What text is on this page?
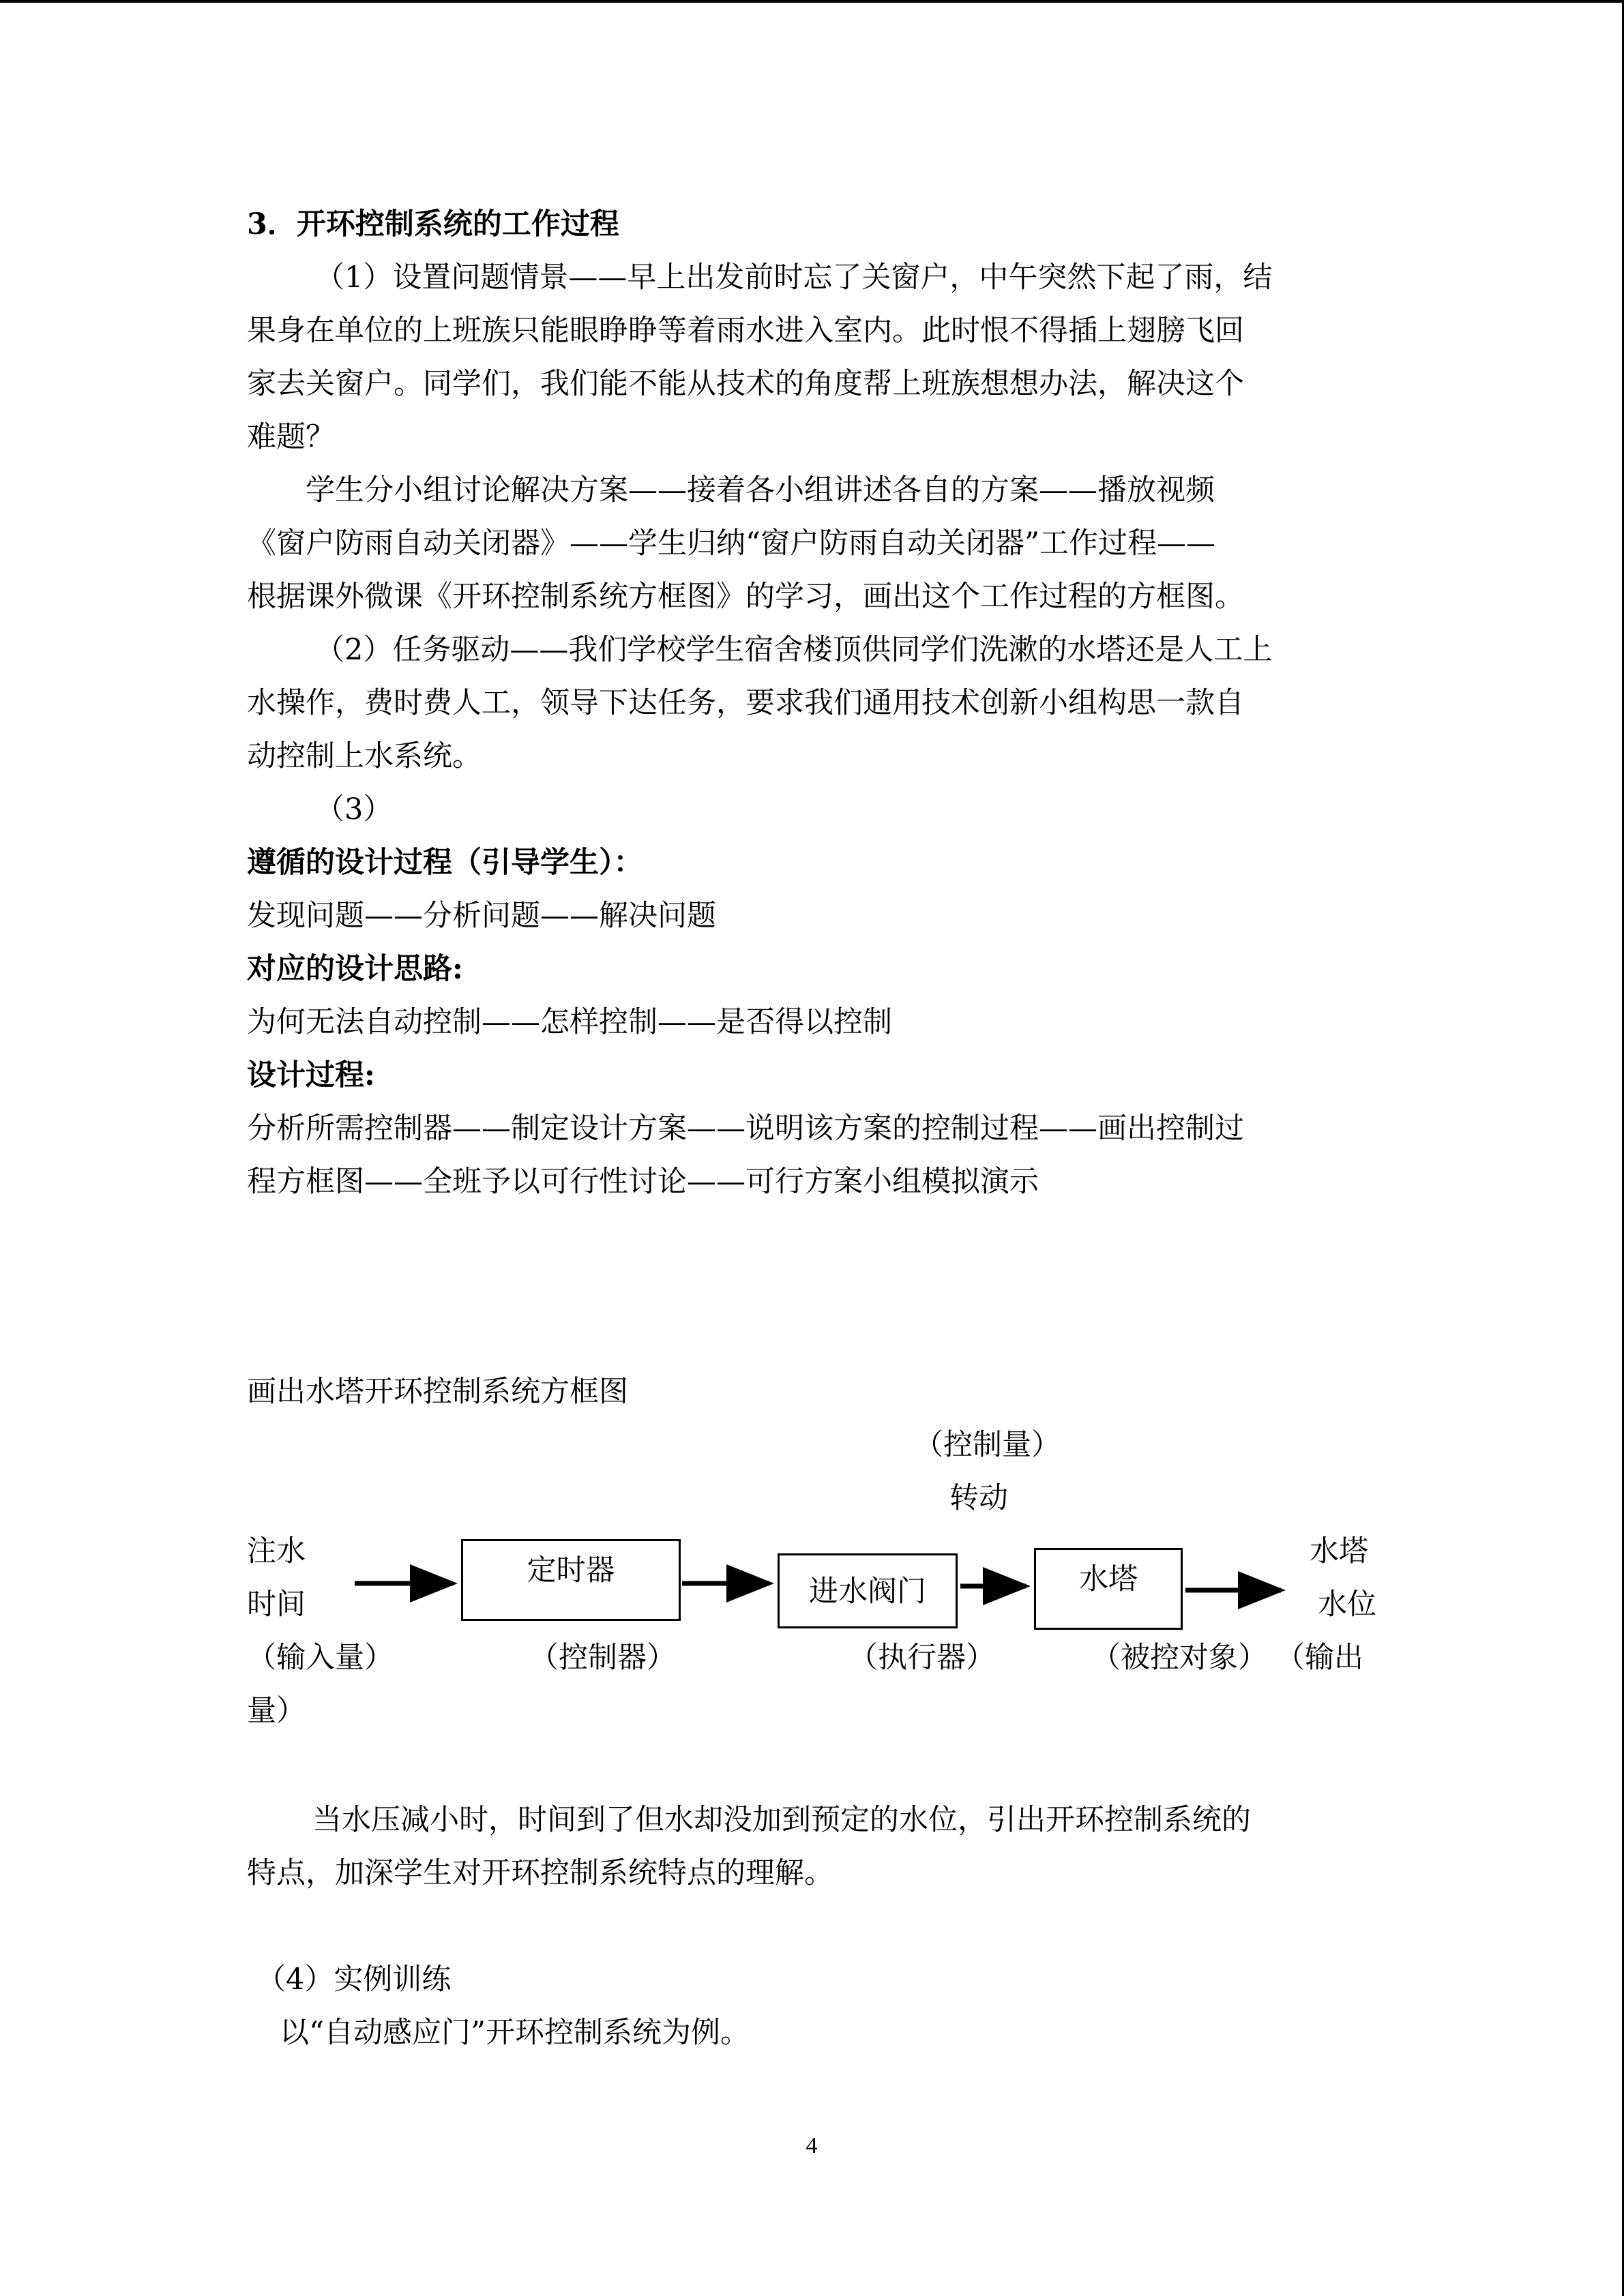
3．开环控制系统的工作过程
（1）设置问题情景——早上出发前时忘了关窗户，中午突然下起了雨，结
果身在单位的上班族只能眼睁睁等着雨水进入室内。此时恨不得插上翅膀飞回
家去关窗户。同学们，我们能不能从技术的角度帮上班族想想办法，解决这个
难题？
学生分小组讨论解决方案——接着各小组讲述各自的方案——播放视频
《窗户防雨自动关闭器》——学生归纳“窗户防雨自动关闭器”工作过程——
根据课外微课《开环控制系统方框图》的学习，画出这个工作过程的方框图。
（2）任务驱动——我们学校学生宿舍楼顶供同学们洗漱的水塔还是人工上
水操作，费时费人工，领导下达任务，要求我们通用技术创新小组构思一款自
动控制上水系统。
（3）
遵循的设计过程（引导学生）：
发现问题——分析问题——解决问题
对应的设计思路:
为何无法自动控制——怎样控制——是否得以控制
设计过程:
分析所需控制器——制定设计方案——说明该方案的控制过程——画出控制过
程方框图——全班予以可行性讨论——可行方案小组模拟演示
画出水塔开环控制系统方框图
（控制量）
转动
注水
时间
定时器
进水阀门	水塔
水塔
水位
（输入量）	（控制器）	（执行器）	（被控对象） （输出
量）
当水压减小时，时间到了但水却没加到预定的水位，引出开环控制系统的
特点，加深学生对开环控制系统特点的理解。
（4）实例训练
以“自动感应门”开环控制系统为例。
4
